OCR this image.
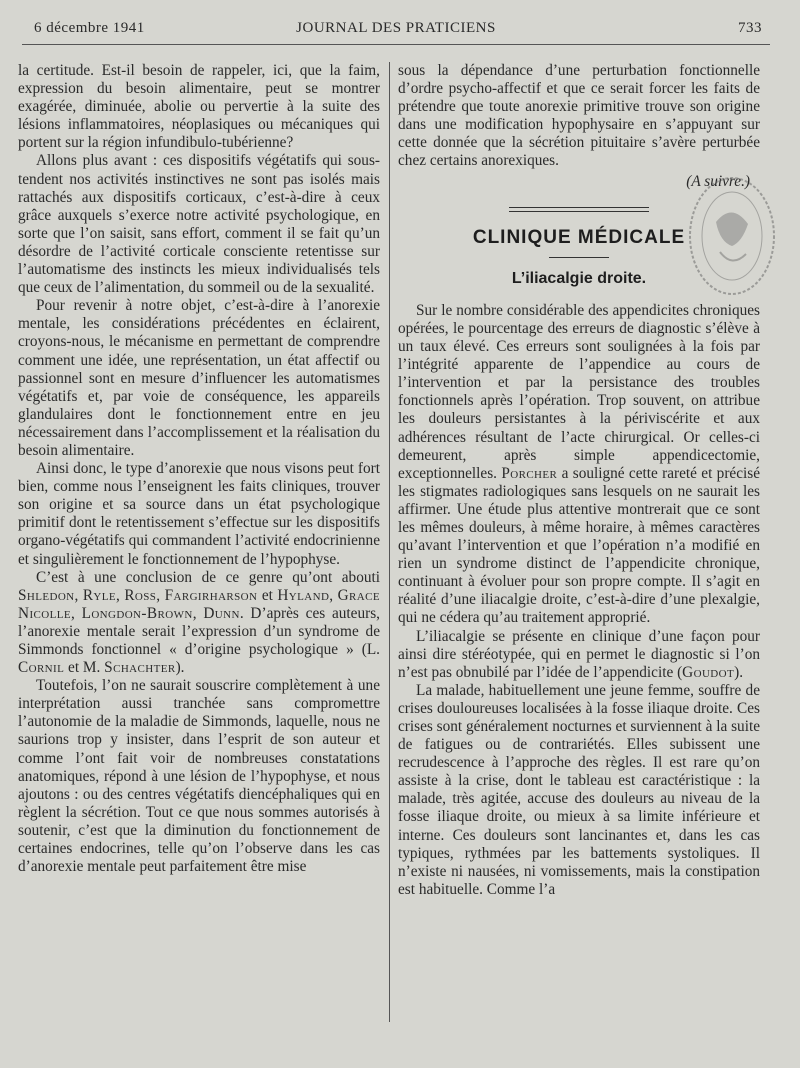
6 décembre 1941	JOURNAL DES PRATICIENS	733

la certitude. Est-il besoin de rappeler, ici, que la faim, expression du besoin alimentaire, peut se montrer exagérée, diminuée, abolie ou pervertie à la suite des lésions inflammatoires, néoplasiques ou mécaniques qui portent sur la région infundibulo-tubérienne?

Allons plus avant : ces dispositifs végétatifs qui sous-tendent nos activités instinctives ne sont pas isolés mais rattachés aux dispositifs corticaux, c’est-à-dire à ceux grâce auxquels s’exerce notre activité psychologique, en sorte que l’on saisit, sans effort, comment il se fait qu’un désordre de l’activité corticale consciente retentisse sur l’automatisme des instincts les mieux individualisés tels que ceux de l’alimentation, du sommeil ou de la sexualité.

Pour revenir à notre objet, c’est-à-dire à l’anorexie mentale, les considérations précédentes en éclairent, croyons-nous, le mécanisme en permettant de comprendre comment une idée, une représentation, un état affectif ou passionnel sont en mesure d’influencer les automatismes végétatifs et, par voie de conséquence, les appareils glandulaires dont le fonctionnement entre en jeu nécessairement dans l’accomplissement et la réalisation du besoin alimentaire.

Ainsi donc, le type d’anorexie que nous visons peut fort bien, comme nous l’enseignent les faits cliniques, trouver son origine et sa source dans un état psychologique primitif dont le retentissement s’effectue sur les dispositifs organo-végétatifs qui commandent l’activité endocrinienne et singulièrement le fonctionnement de l’hypophyse.

C’est à une conclusion de ce genre qu’ont abouti Shledon, Ryle, Ross, Fargirharson et Hyland, Grace Nicolle, Longdon-Brown, Dunn. D’après ces auteurs, l’anorexie mentale serait l’expression d’un syndrome de Simmonds fonctionnel « d’origine psychologique » (L. Cornil et M. Schachter).

Toutefois, l’on ne saurait souscrire complètement à une interprétation aussi tranchée sans compromettre l’autonomie de la maladie de Simmonds, laquelle, nous ne saurions trop y insister, dans l’esprit de son auteur et comme l’ont fait voir de nombreuses constatations anatomiques, répond à une lésion de l’hypophyse, et nous ajoutons : ou des centres végétatifs diencéphaliques qui en règlent la sécrétion. Tout ce que nous sommes autorisés à soutenir, c’est que la diminution du fonctionnement de certaines endocrines, telle qu’on l’observe dans les cas d’anorexie mentale peut parfaitement être mise

sous la dépendance d’une perturbation fonctionnelle d’ordre psycho-affectif et que ce serait forcer les faits de prétendre que toute anorexie primitive trouve son origine dans une modification hypophysaire en s’appuyant sur cette donnée que la sécrétion pituitaire s’avère perturbée chez certains anorexiques.

(A suivre.)
CLINIQUE MÉDICALE
L’iliacalgie droite.

Sur le nombre considérable des appendicites chroniques opérées, le pourcentage des erreurs de diagnostic s’élève à un taux élevé. Ces erreurs sont soulignées à la fois par l’intégrité apparente de l’appendice au cours de l’intervention et par la persistance des troubles fonctionnels après l’opération. Trop souvent, on attribue les douleurs persistantes à la périviscérite et aux adhérences résultant de l’acte chirurgical. Or celles-ci demeurent, après simple appendicectomie, exceptionnelles. Porcher a souligné cette rareté et précisé les stigmates radiologiques sans lesquels on ne saurait les affirmer. Une étude plus attentive montrerait que ce sont les mêmes douleurs, à même horaire, à mêmes caractères qu’avant l’intervention et que l’opération n’a modifié en rien un syndrome distinct de l’appendicite chronique, continuant à évoluer pour son propre compte. Il s’agit en réalité d’une iliacalgie droite, c’est-à-dire d’une plexalgie, qui ne cédera qu’au traitement approprié.

L’iliacalgie se présente en clinique d’une façon pour ainsi dire stéréotypée, qui en permet le diagnostic si l’on n’est pas obnubilé par l’idée de l’appendicite (Goudot).

La malade, habituellement une jeune femme, souffre de crises douloureuses localisées à la fosse iliaque droite. Ces crises sont généralement nocturnes et surviennent à la suite de fatigues ou de contrariétés. Elles subissent une recrudescence à l’approche des règles. Il est rare qu’on assiste à la crise, dont le tableau est caractéristique : la malade, très agitée, accuse des douleurs au niveau de la fosse iliaque droite, ou mieux à sa limite inférieure et interne. Ces douleurs sont lancinantes et, dans les cas typiques, rythmées par les battements systoliques. Il n’existe ni nausées, ni vomissements, mais la constipation est habituelle. Comme l’a
